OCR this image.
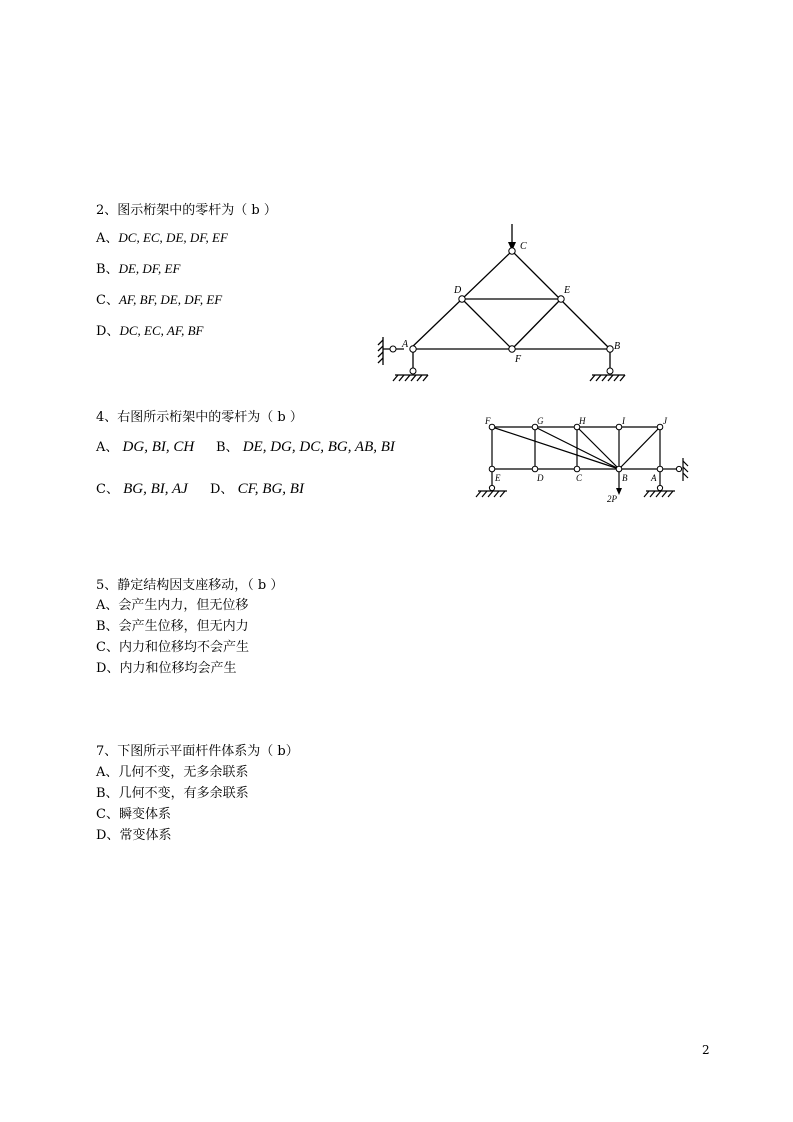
2、图示桁架中的零杆为（ b ）
A、DC, EC, DE, DF, EF
B、DE, DF, EF
C、AF, BF, DE, DF, EF
D、DC, EC, AF, BF
C
D	E
A	B
F
4、右图所示桁架中的零杆为（ b ）
A、 DG, BI, CH B、 DE, DG, DC, BG, AB, BI
C、 BG, BI, AJ D、 CF, BG, BI
F	G	H	I	J
E	D	C	B	A
2P
5、静定结构因支座移动，（ b ）
A、会产生内力，但无位移
B、会产生位移，但无内力
C、内力和位移均不会产生
D、内力和位移均会产生
7、下图所示平面杆件体系为（ b）
A、几何不变，无多余联系
B、几何不变，有多余联系
C、瞬变体系
D、常变体系
2
